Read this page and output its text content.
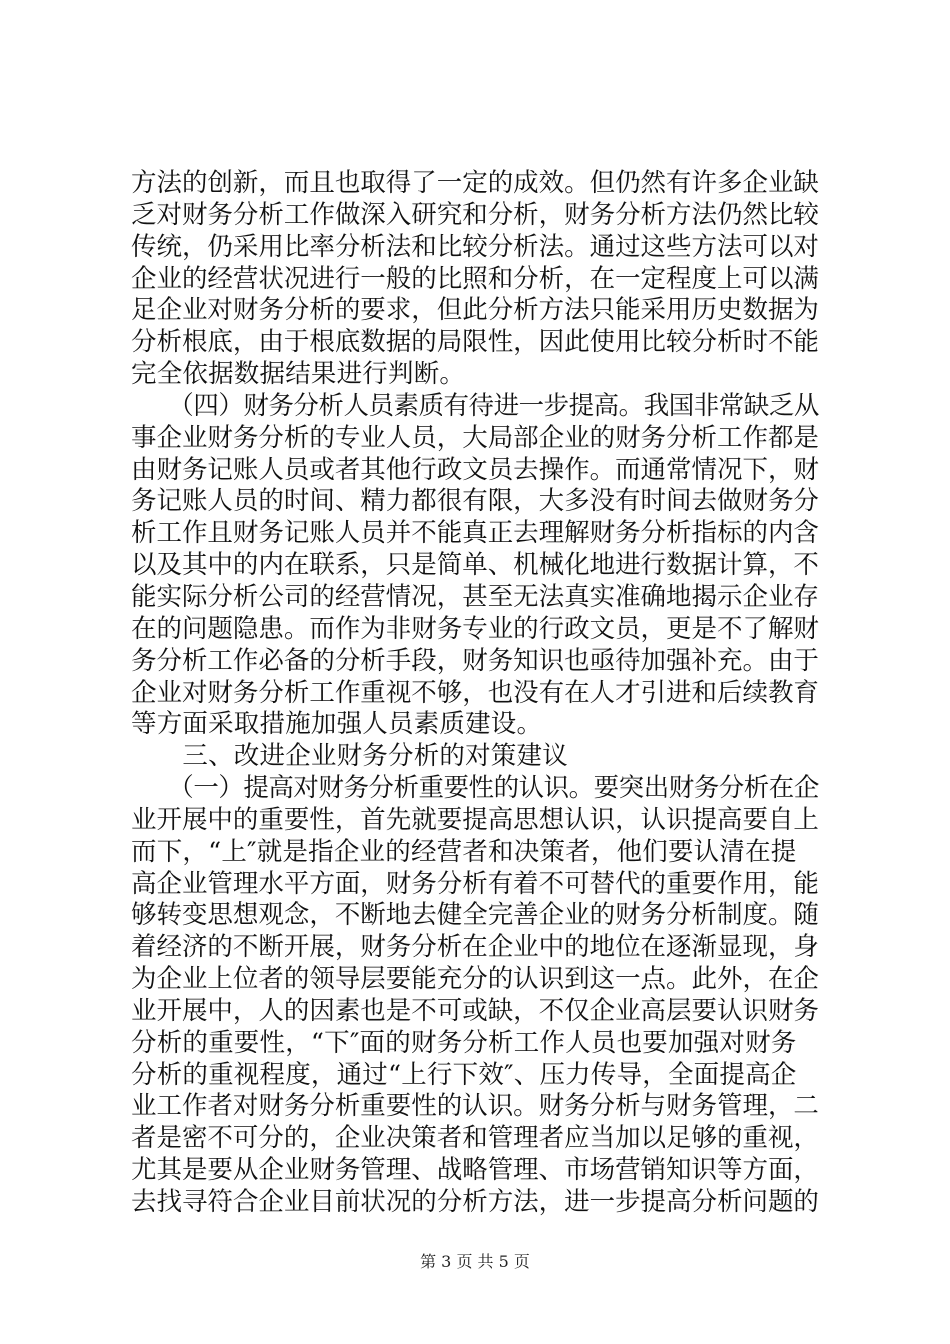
方法的创新，而且也取得了一定的成效。但仍然有许多企业缺
乏对财务分析工作做深入研究和分析，财务分析方法仍然比较
传统，仍采用比率分析法和比较分析法。通过这些方法可以对
企业的经营状况进行一般的比照和分析，在一定程度上可以满
足企业对财务分析的要求，但此分析方法只能采用历史数据为
分析根底，由于根底数据的局限性，因此使用比较分析时不能
完全依据数据结果进行判断。
　　（四）财务分析人员素质有待进一步提高。我国非常缺乏从
事企业财务分析的专业人员，大局部企业的财务分析工作都是
由财务记账人员或者其他行政文员去操作。而通常情况下，财
务记账人员的时间、精力都很有限，大多没有时间去做财务分
析工作且财务记账人员并不能真正去理解财务分析指标的内含
以及其中的内在联系，只是简单、机械化地进行数据计算，不
能实际分析公司的经营情况，甚至无法真实准确地揭示企业存
在的问题隐患。而作为非财务专业的行政文员，更是不了解财
务分析工作必备的分析手段，财务知识也亟待加强补充。由于
企业对财务分析工作重视不够，也没有在人才引进和后续教育
等方面采取措施加强人员素质建设。
　　三、改进企业财务分析的对策建议
　　（一）提高对财务分析重要性的认识。要突出财务分析在企
业开展中的重要性，首先就要提高思想认识，认识提高要自上
而下，“上″就是指企业的经营者和决策者，他们要认清在提
高企业管理水平方面，财务分析有着不可替代的重要作用，能
够转变思想观念，不断地去健全完善企业的财务分析制度。随
着经济的不断开展，财务分析在企业中的地位在逐渐显现，身
为企业上位者的领导层要能充分的认识到这一点。此外，在企
业开展中，人的因素也是不可或缺，不仅企业高层要认识财务
分析的重要性，“下″面的财务分析工作人员也要加强对财务
分析的重视程度，通过“上行下效″、压力传导，全面提高企
业工作者对财务分析重要性的认识。财务分析与财务管理，二
者是密不可分的，企业决策者和管理者应当加以足够的重视，
尤其是要从企业财务管理、战略管理、市场营销知识等方面，
去找寻符合企业目前状况的分析方法，进一步提高分析问题的
第 3 页 共 5 页
